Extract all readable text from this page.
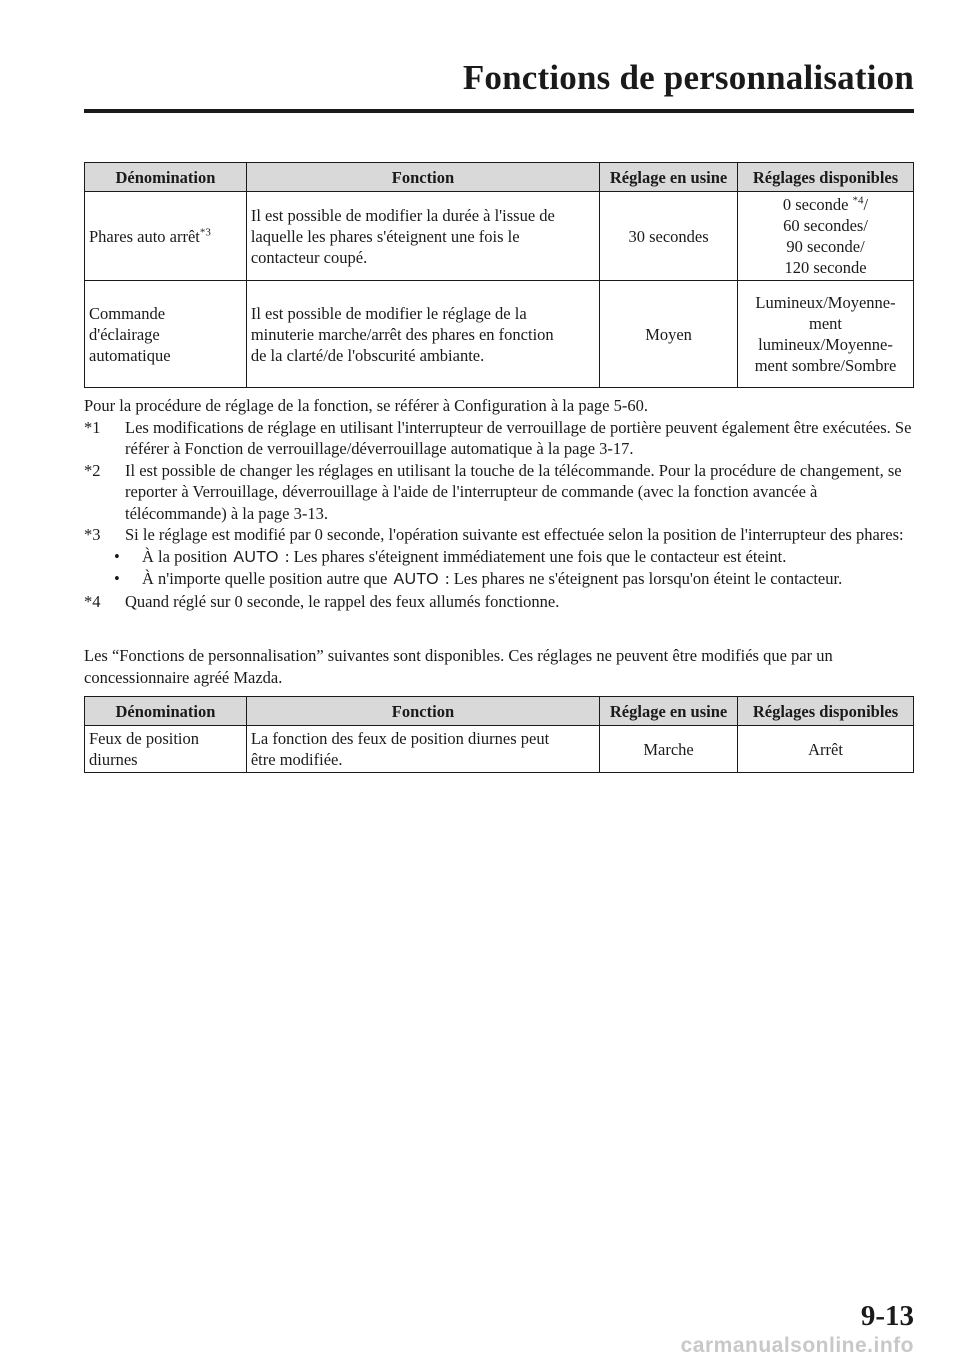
Fonctions de personnalisation
Dénomination	Fonction	Réglage en usine	Réglages disponibles
Phares auto arrêt$^{*3}$	Il est possible de modifier la durée à l'issue de
laquelle les phares s'éteignent une fois le
contacteur coupé.	30 secondes	0 seconde $^{*4}$/
60 secondes/
90 seconde/
120 seconde

Commande
d'éclairage
automatique	Il est possible de modifier le réglage de la
minuterie marche/arrêt des phares en fonction
de la clarté/de l'obscurité ambiante.	Moyen	Lumineux/Moyenne-
ment
lumineux/Moyenne-
ment sombre/Sombre
Pour la procédure de réglage de la fonction, se référer à Configuration à la page 5-60.
*1	Les modifications de réglage en utilisant l'interrupteur de verrouillage de portière peuvent également être exécutées. Se référer à Fonction de verrouillage/déverrouillage automatique à la page 3-17.
*2	Il est possible de changer les réglages en utilisant la touche de la télécommande. Pour la procédure de changement, se reporter à Verrouillage, déverrouillage à l'aide de l'interrupteur de commande (avec la fonction avancée à télécommande) à la page 3-13.
*3	Si le réglage est modifié par 0 seconde, l'opération suivante est effectuée selon la position de l'interrupteur des phares:
• À la position AUTO : Les phares s'éteignent immédiatement une fois que le contacteur est éteint.
• À n'importe quelle position autre que AUTO : Les phares ne s'éteignent pas lorsqu'on éteint le contacteur.
*4	Quand réglé sur 0 seconde, le rappel des feux allumés fonctionne.

Les “Fonctions de personnalisation” suivantes sont disponibles. Ces réglages ne peuvent être modifiés que par un concessionnaire agréé Mazda.

Dénomination	Fonction	Réglage en usine	Réglages disponibles

Feux de position
diurnes	La fonction des feux de position diurnes peut
être modifiée.	Marche	Arrêt

9-13

carmanualsonline.info
